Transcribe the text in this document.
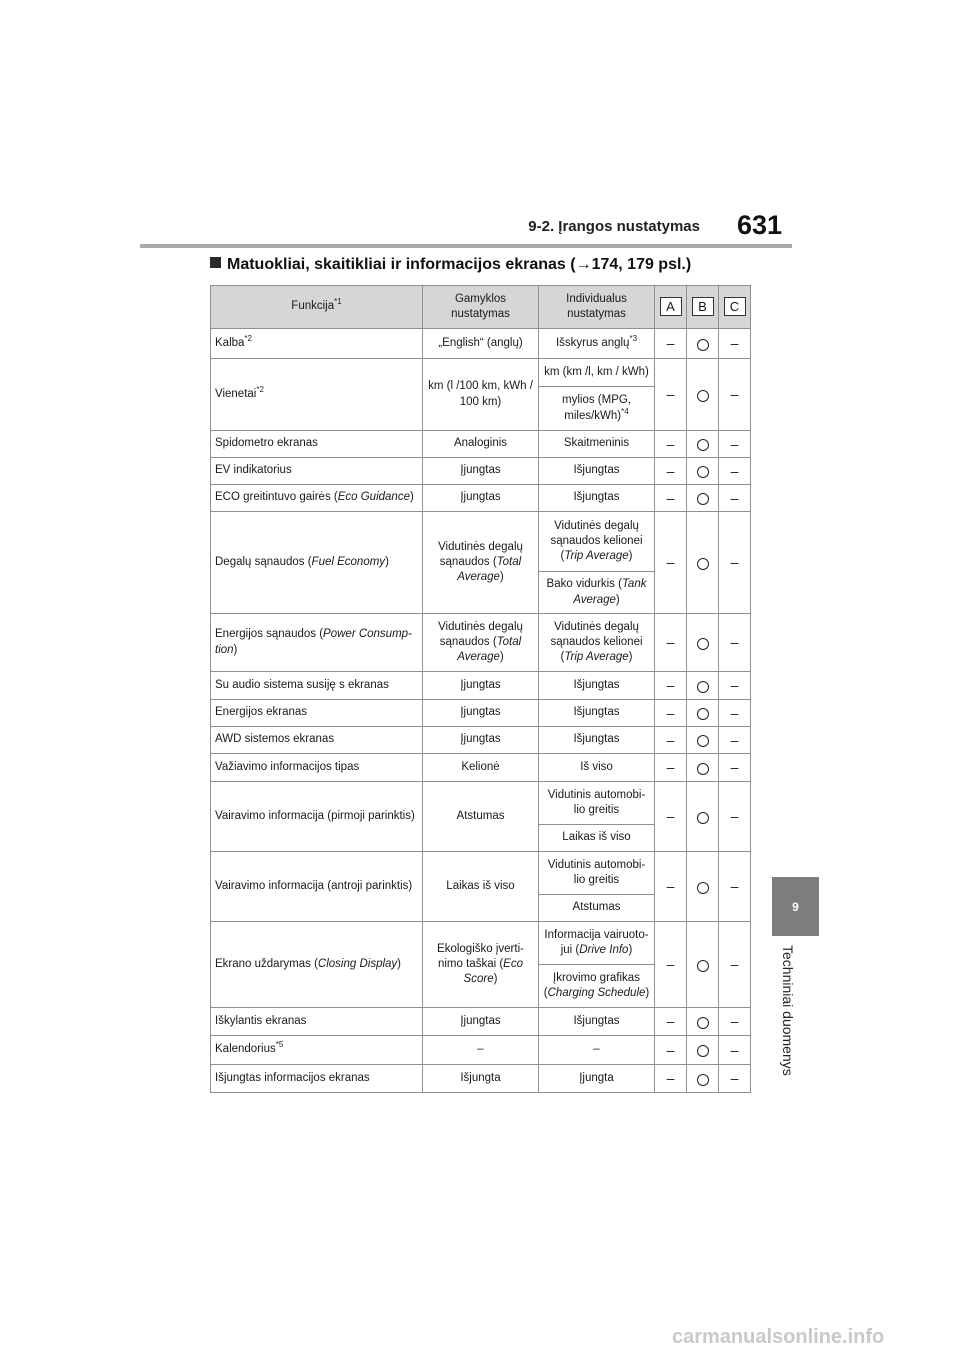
9-2. Įrangos nustatymas	631
9
Techniniai duomenys
Matuokliai, skaitikliai ir informacijos ekranas (→174, 179 psl.)
Funkcija$^{*1}$	Gamyklos nustatymas	Individualus nustatymas	A	B	C
Kalba$^{*2}$	„English“ (anglų)	Išskyrus anglų$^{*3}$	–		–
Vienetai$^{*2}$	km (l /100 km, kWh / 100 km)	km (km /l, km / kWh)	–		–
		mylios (MPG, miles/kWh)$^{*4}$
Spidometro ekranas	Analoginis	Skaitmeninis	–		–
EV indikatorius	Įjungtas	Išjungtas	–		–
ECO greitintuvo gairės (Eco Guidance)	Įjungtas	Išjungtas	–		–
Degalų sąnaudos (Fuel Economy)	Vidutinės degalų sąnaudos (Total Average)	Vidutinės degalų sąnaudos kelionei (Trip Average)	–		–
		Bako vidurkis (Tank Average)			
Energijos sąnaudos (Power Consump-tion)	Vidutinės degalų sąnaudos (Total Average)	Vidutinės degalų sąnaudos kelionei (Trip Average)	–		–
Su audio sistema susiję s ekranas	Įjungtas	Išjungtas	–		–
Energijos ekranas	Įjungtas	Išjungtas	–		–
AWD sistemos ekranas	Įjungtas	Išjungtas	–		–
Važiavimo informacijos tipas	Kelionė	Iš viso	–		–
Vairavimo informacija (pirmoji parinktis)	Atstumas	Vidutinis automobi-lio greitis	–		–
		Laikas iš viso			
Vairavimo informacija (antroji parinktis)	Laikas iš viso	Vidutinis automobi-lio greitis	–		–
		Atstumas			
Ekrano uždarymas (Closing Display)	Ekologiško įverti-nimo taškai (Eco Score)	Informacija vairuoto-jui (Drive Info)	–		–
		Įkrovimo grafikas (Charging Schedule)			
Iškylantis ekranas	Įjungtas	Išjungtas	–		–
Kalendorius$^{*5}$	–	–	–		–
Išjungtas informacijos ekranas	Išjungta	Įjungta	–		–
carmanualsonline.info
